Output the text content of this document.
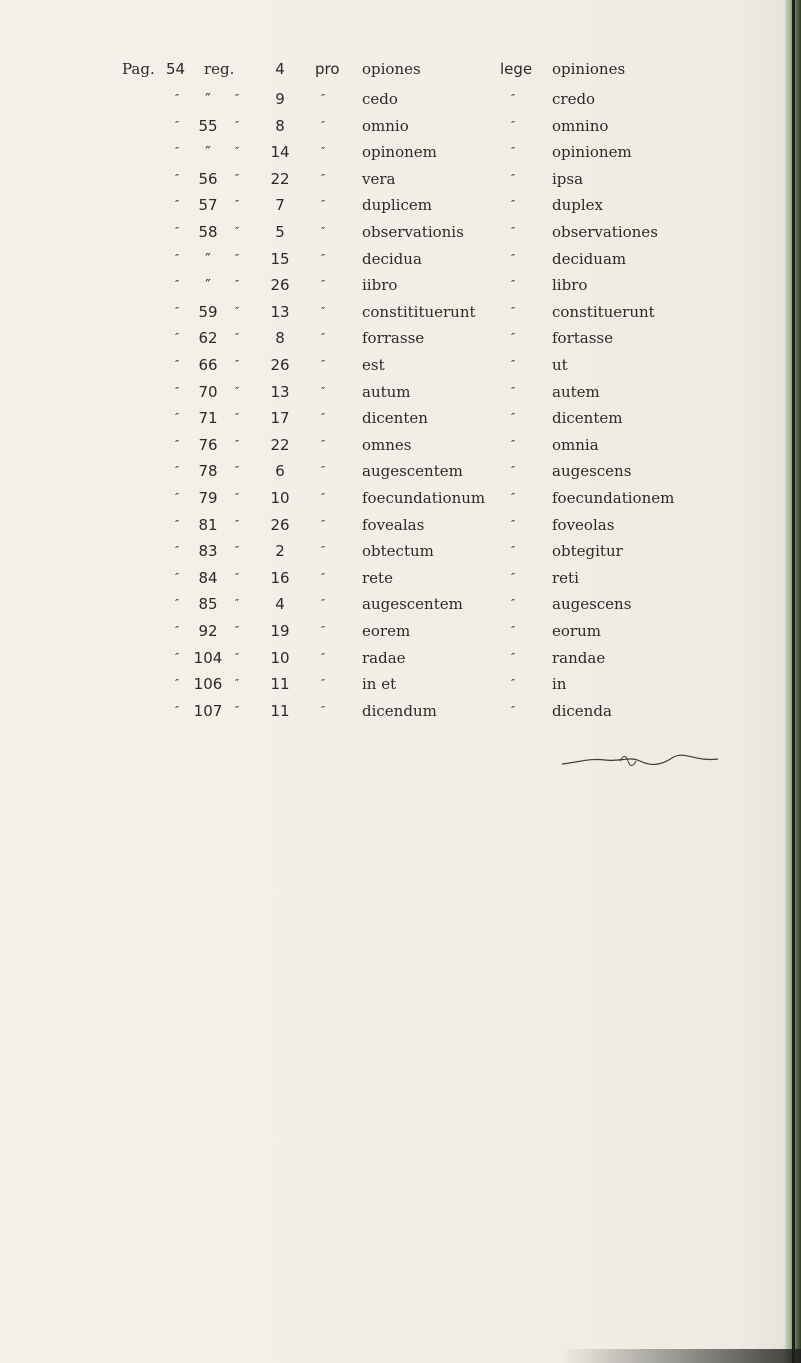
Pag. 54 reg.	4	pro opiones	lege opiniones
″	″	″	9	″	cedo	″	credo
″	55	″	8	″	omnio	″	omnino
″	″	″	14	″	opinonem	″	opinionem
″	56	″	22	″	vera	″	ipsa
″	57	″	7	″	duplicem	″	duplex
″	58	″	5	″	observationis	″	observationes
″	″	″	15	″	decidua	″	deciduam
″	″	″	26	″	iibro	″	libro
″	59	″	13	″	constitituerunt	″	constituerunt
″	62	″	8	″	forrasse	″	fortasse
″	66	″	26	″	est	″	ut
″	70	″	13	″	autum	″	autem
″	71	″	17	″	dicenten	″	dicentem
″	76	″	22	″	omnes	″	omnia
″	78	″	6	″	augescentem	″	augescens
″	79	″	10	″	foecundationum	″	foecundationem
″	81	″	26	″	fovealas	″	foveolas
″	83	″	2	″	obtectum	″	obtegitur
″	84	″	16	″	rete	″	reti
″	85	″	4	″	augescentem	″	augescens
″	92	″	19	″	eorem	″	eorum
″ 104	″	10	″	radae	″	randae
″ 106	″	11	″	in et	″	in
″ 107	″	11	″	dicendum	″	dicenda
